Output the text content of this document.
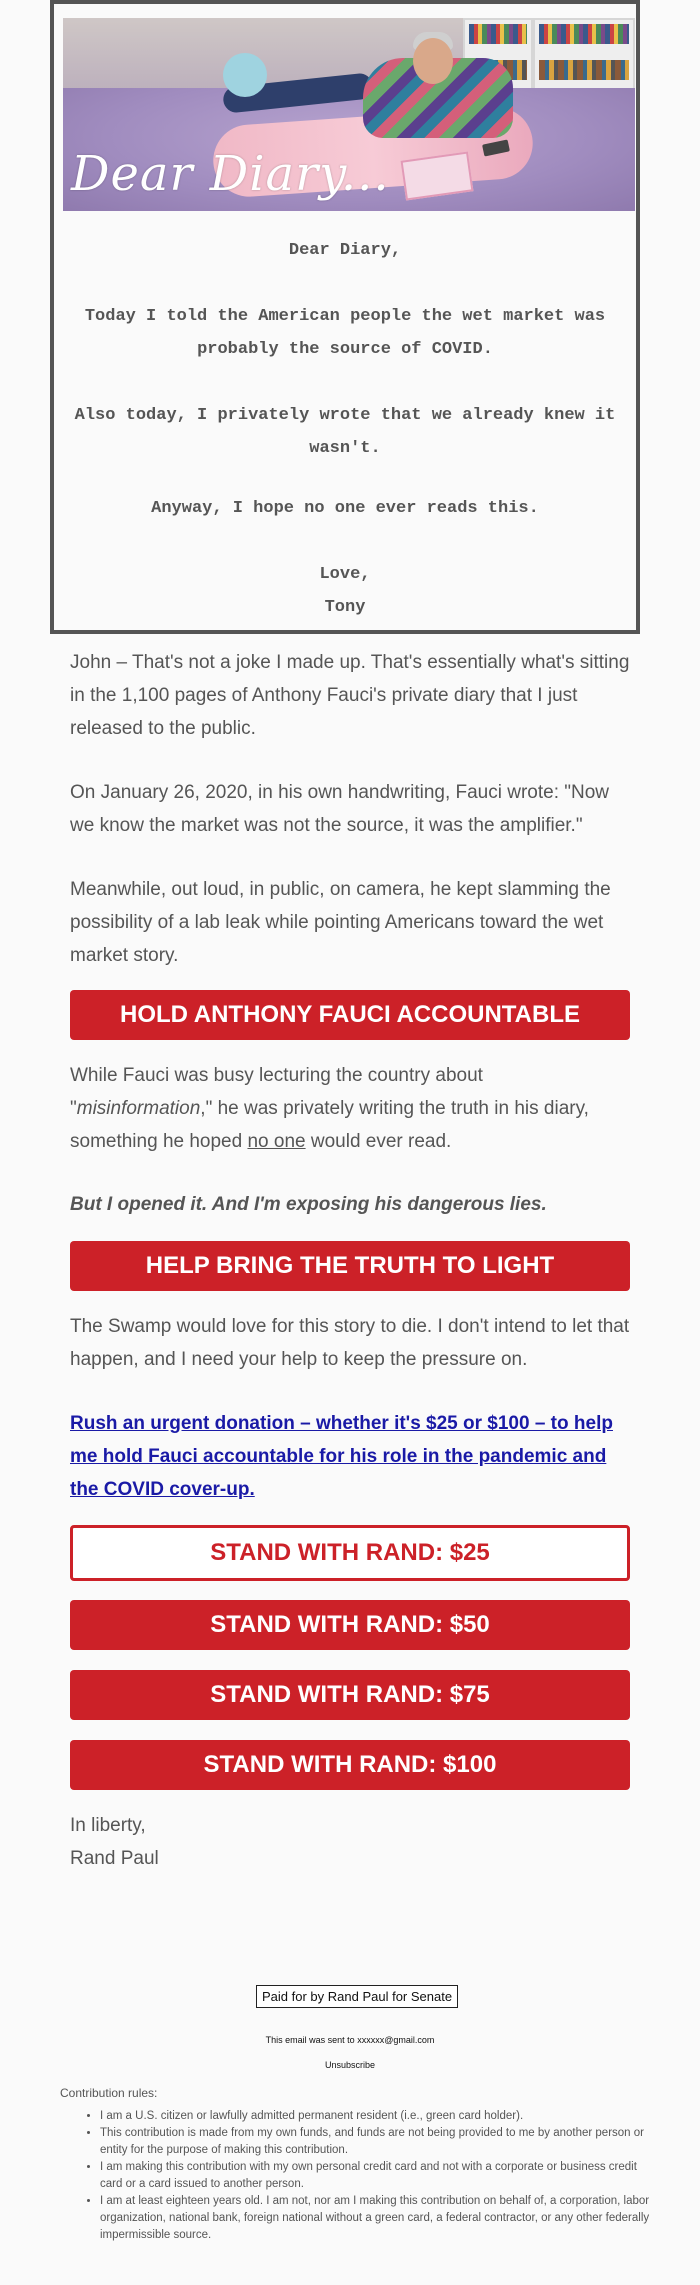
Dear Diary...
Dear Diary,
Today I told the American people the wet market was probably the source of COVID.
Also today, I privately wrote that we already knew it wasn't.
Anyway, I hope no one ever reads this.
Love,
Tony
John – That's not a joke I made up. That's essentially what's sitting in the 1,100 pages of Anthony Fauci's private diary that I just released to the public.
On January 26, 2020, in his own handwriting, Fauci wrote: "Now we know the market was not the source, it was the amplifier."
Meanwhile, out loud, in public, on camera, he kept slamming the possibility of a lab leak while pointing Americans toward the wet market story.
HOLD ANTHONY FAUCI ACCOUNTABLE
While Fauci was busy lecturing the country about "misinformation," he was privately writing the truth in his diary, something he hoped no one would ever read.
But I opened it. And I'm exposing his dangerous lies.
HELP BRING THE TRUTH TO LIGHT
The Swamp would love for this story to die. I don't intend to let that happen, and I need your help to keep the pressure on.
Rush an urgent donation – whether it's $25 or $100 – to help me hold Fauci accountable for his role in the pandemic and the COVID cover-up.
STAND WITH RAND: $25
STAND WITH RAND: $50
STAND WITH RAND: $75
STAND WITH RAND: $100
In liberty,
Rand Paul
Paid for by Rand Paul for Senate
This email was sent to xxxxxx@gmail.com
Unsubscribe
Contribution rules:
• I am a U.S. citizen or lawfully admitted permanent resident (i.e., green card holder).
• This contribution is made from my own funds, and funds are not being provided to me by another person or entity for the purpose of making this contribution.
• I am making this contribution with my own personal credit card and not with a corporate or business credit card or a card issued to another person.
• I am at least eighteen years old. I am not, nor am I making this contribution on behalf of, a corporation, labor organization, national bank, foreign national without a green card, a federal contractor, or any other federally impermissible source.
